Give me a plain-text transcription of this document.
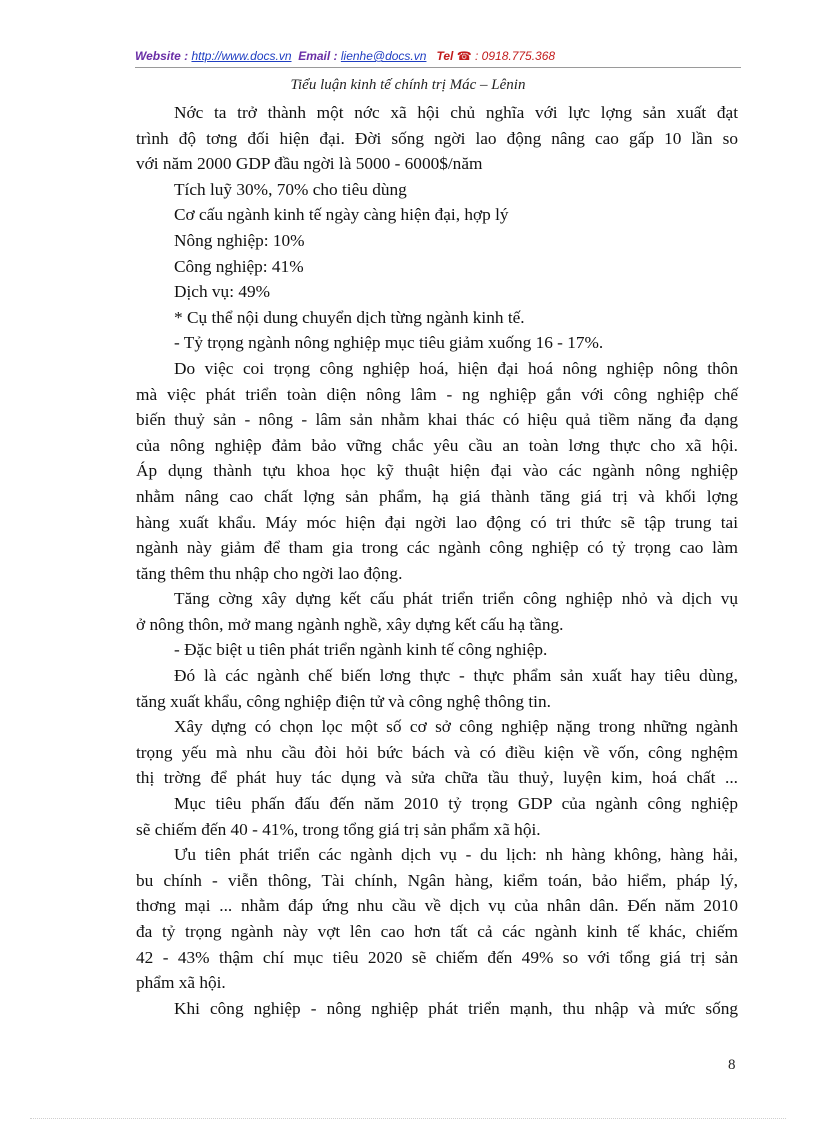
Website : http://www.docs.vn Email : lienhe@docs.vn Tel ☎ : 0918.775.368
Tiểu luận kinh tế chính trị Mác – Lênin
Nớc ta trở thành một nớc xã hội chủ nghĩa với lực lợng sản xuất đạt
trình độ tơng đối hiện đại. Đời sống ngời lao động nâng cao gấp 10 lần so
với năm 2000 GDP đầu ngời là 5000 - 6000$/năm
Tích luỹ 30%, 70% cho tiêu dùng
Cơ cấu ngành kinh tế ngày càng hiện đại, hợp lý
Nông nghiệp: 10%
Công nghiệp: 41%
Dịch vụ: 49%
* Cụ thể nội dung chuyển dịch từng ngành kinh tế.
- Tỷ trọng ngành nông nghiệp mục tiêu giảm xuống 16 - 17%.
Do việc coi trọng công nghiệp hoá, hiện đại hoá nông nghiệp nông thôn
mà việc phát triển toàn diện nông lâm - ng nghiệp gắn với công nghiệp chế
biến thuỷ sản - nông - lâm sản nhằm khai thác có hiệu quả tiềm năng đa dạng
của nông nghiệp đảm bảo vững chắc yêu cầu an toàn lơng thực cho xã hội.
Áp dụng thành tựu khoa học kỹ thuật hiện đại vào các ngành nông nghiệp
nhằm nâng cao chất lợng sản phẩm, hạ giá thành tăng giá trị và khối lợng
hàng xuất khẩu. Máy móc hiện đại ngời lao động có tri thức sẽ tập trung tai
ngành này giảm để tham gia trong các ngành công nghiệp có tỷ trọng cao làm
tăng thêm thu nhập cho ngời lao động.
Tăng cờng xây dựng kết cấu phát triển triển công nghiệp nhỏ và dịch vụ
ở nông thôn, mở mang ngành nghề, xây dựng kết cấu hạ tầng.
- Đặc biệt u tiên phát triển ngành kinh tế công nghiệp.
Đó là các ngành chế biến lơng thực - thực phẩm sản xuất hay tiêu dùng,
tăng xuất khẩu, công nghiệp điện tử và công nghệ thông tin.
Xây dựng có chọn lọc một số cơ sở công nghiệp nặng trong những ngành
trọng yếu mà nhu cầu đòi hỏi bức bách và có điều kiện về vốn, công nghệm
thị trờng để phát huy tác dụng và sửa chữa tầu thuỷ, luyện kim, hoá chất ...
Mục tiêu phấn đấu đến năm 2010 tỷ trọng GDP của ngành công nghiệp
sẽ chiếm đến 40 - 41%, trong tổng giá trị sản phẩm xã hội.
Ưu tiên phát triển các ngành dịch vụ - du lịch: nh hàng không, hàng hải,
bu chính - viễn thông, Tài chính, Ngân hàng, kiểm toán, bảo hiểm, pháp lý,
thơng mại ... nhằm đáp ứng nhu cầu về dịch vụ của nhân dân. Đến năm 2010
đa tỷ trọng ngành này vợt lên cao hơn tất cả các ngành kinh tế khác, chiếm
42 - 43% thậm chí mục tiêu 2020 sẽ chiếm đến 49% so với tổng giá trị sản
phẩm xã hội.
Khi công nghiệp - nông nghiệp phát triển mạnh, thu nhập và mức sống
8
